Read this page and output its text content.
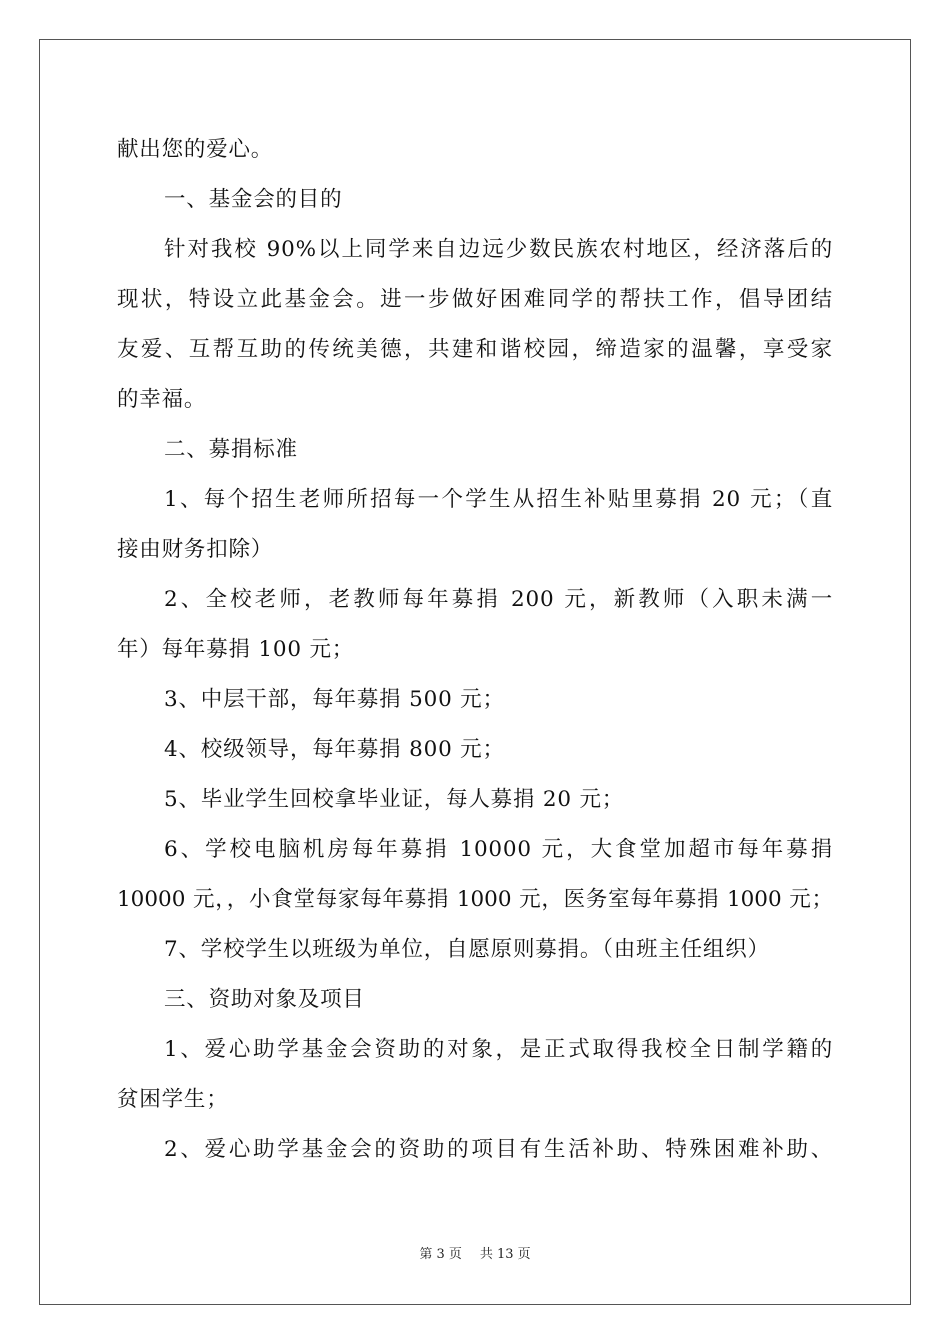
献出您的爱心。
一、基金会的目的
针对我校 90%以上同学来自边远少数民族农村地区，经济落后的
现状，特设立此基金会。进一步做好困难同学的帮扶工作，倡导团结
友爱、互帮互助的传统美德，共建和谐校园，缔造家的温馨，享受家
的幸福。
二、募捐标准
1、每个招生老师所招每一个学生从招生补贴里募捐 20 元；（直
接由财务扣除）
2、全校老师，老教师每年募捐 200 元，新教师（入职未满一
年）每年募捐 100 元；
3、中层干部，每年募捐 500 元；
4、校级领导，每年募捐 800 元；
5、毕业学生回校拿毕业证，每人募捐 20 元；
6、学校电脑机房每年募捐 10000 元，大食堂加超市每年募捐
10000 元，，小食堂每家每年募捐 1000 元，医务室每年募捐 1000 元；
7、学校学生以班级为单位，自愿原则募捐。（由班主任组织）
三、资助对象及项目
1、爱心助学基金会资助的对象，是正式取得我校全日制学籍的
贫困学生；
2、爱心助学基金会的资助的项目有生活补助、特殊困难补助、
第 3 页 共 13 页
